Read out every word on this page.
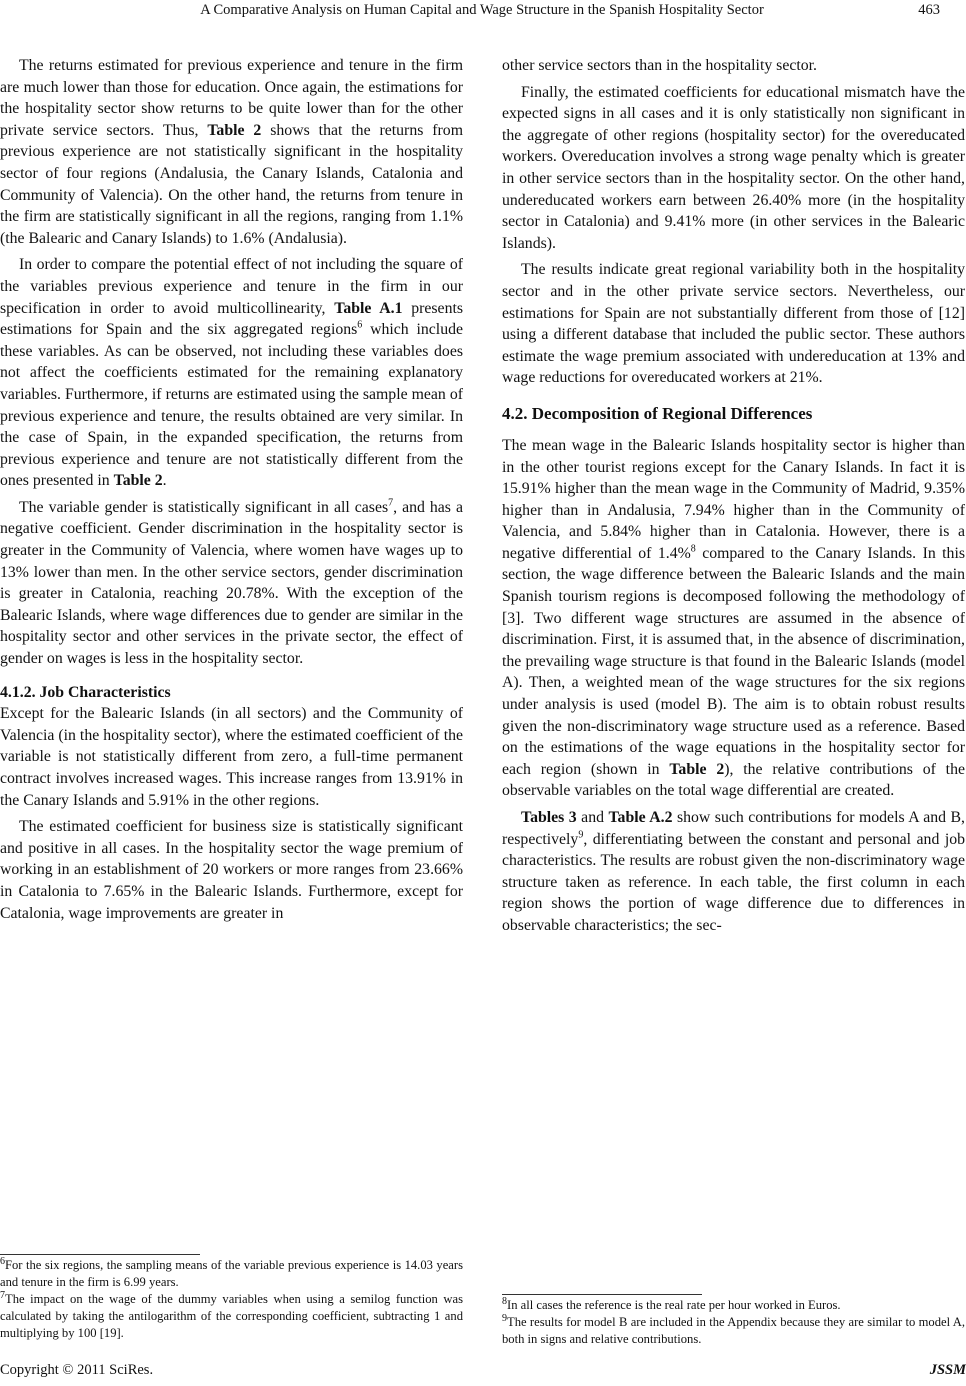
A Comparative Analysis on Human Capital and Wage Structure in the Spanish Hospitality Sector	463

The returns estimated for previous experience and tenure in the firm are much lower than those for education. Once again, the estimations for the hospitality sector show returns to be quite lower than for the other private service sectors. Thus, Table 2 shows that the returns from previous experience are not statistically significant in the hospitality sector of four regions (Andalusia, the Canary Islands, Catalonia and Community of Valencia). On the other hand, the returns from tenure in the firm are statistically significant in all the regions, ranging from 1.1% (the Balearic and Canary Islands) to 1.6% (Andalusia).

In order to compare the potential effect of not including the square of the variables previous experience and tenure in the firm in our specification in order to avoid multicollinearity, Table A.1 presents estimations for Spain and the six aggregated regions$^6$ which include these variables. As can be observed, not including these variables does not affect the coefficients estimated for the remaining explanatory variables. Furthermore, if returns are estimated using the sample mean of previous experience and tenure, the results obtained are very similar. In the case of Spain, in the expanded specification, the returns from previous experience and tenure are not statistically different from the ones presented in Table 2.

The variable gender is statistically significant in all cases$^7$, and has a negative coefficient. Gender discrimination in the hospitality sector is greater in the Community of Valencia, where women have wages up to 13% lower than men. In the other service sectors, gender discrimination is greater in Catalonia, reaching 20.78%. With the exception of the Balearic Islands, where wage differences due to gender are similar in the hospitality sector and other services in the private sector, the effect of gender on wages is less in the hospitality sector.

4.1.2. Job Characteristics

Except for the Balearic Islands (in all sectors) and the Community of Valencia (in the hospitality sector), where the estimated coefficient of the variable is not statistically different from zero, a full-time permanent contract involves increased wages. This increase ranges from 13.91% in the Canary Islands and 5.91% in the other regions.

The estimated coefficient for business size is statistically significant and positive in all cases. In the hospitality sector the wage premium of working in an establishment of 20 workers or more ranges from 23.66% in Catalonia to 7.65% in the Balearic Islands. Furthermore, except for Catalonia, wage improvements are greater in

$^6$For the six regions, the sampling means of the variable previous experience is 14.03 years and tenure in the firm is 6.99 years.

$^7$The impact on the wage of the dummy variables when using a semilog function was calculated by taking the antilogarithm of the corresponding coefficient, subtracting 1 and multiplying by 100 [19].

other service sectors than in the hospitality sector.

Finally, the estimated coefficients for educational mismatch have the expected signs in all cases and it is only statistically non significant in the aggregate of other regions (hospitality sector) for the overeducated workers. Overeducation involves a strong wage penalty which is greater in other service sectors than in the hospitality sector. On the other hand, undereducated workers earn between 26.40% more (in the hospitality sector in Catalonia) and 9.41% more (in other services in the Balearic Islands).

The results indicate great regional variability both in the hospitality sector and in the other private service sectors. Nevertheless, our estimations for Spain are not substantially different from those of [12] using a different database that included the public sector. These authors estimate the wage premium associated with undereducation at 13% and wage reductions for overeducated workers at 21%.

4.2. Decomposition of Regional Differences

The mean wage in the Balearic Islands hospitality sector is higher than in the other tourist regions except for the Canary Islands. In fact it is 15.91% higher than the mean wage in the Community of Madrid, 9.35% higher than in Andalusia, 7.94% higher than in the Community of Valencia, and 5.84% higher than in Catalonia. However, there is a negative differential of 1.4%$^8$ compared to the Canary Islands. In this section, the wage difference between the Balearic Islands and the main Spanish tourism regions is decomposed following the methodology of [3]. Two different wage structures are assumed in the absence of discrimination. First, it is assumed that, in the absence of discrimination, the prevailing wage structure is that found in the Balearic Islands (model A). Then, a weighted mean of the wage structures for the six regions under analysis is used (model B). The aim is to obtain robust results given the non-discriminatory wage structure used as a reference. Based on the estimations of the wage equations in the hospitality sector for each region (shown in Table 2), the relative contributions of the observable variables on the total wage differential are created.

Tables 3 and Table A.2 show such contributions for models A and B, respectively$^9$, differentiating between the constant and personal and job characteristics. The results are robust given the non-discriminatory wage structure taken as reference. In each table, the first column in each region shows the portion of wage difference due to differences in observable characteristics; the sec-

$^8$In all cases the reference is the real rate per hour worked in Euros.

$^9$The results for model B are included in the Appendix because they are similar to model A, both in signs and relative contributions.

Copyright © 2011 SciRes.	JSSM
